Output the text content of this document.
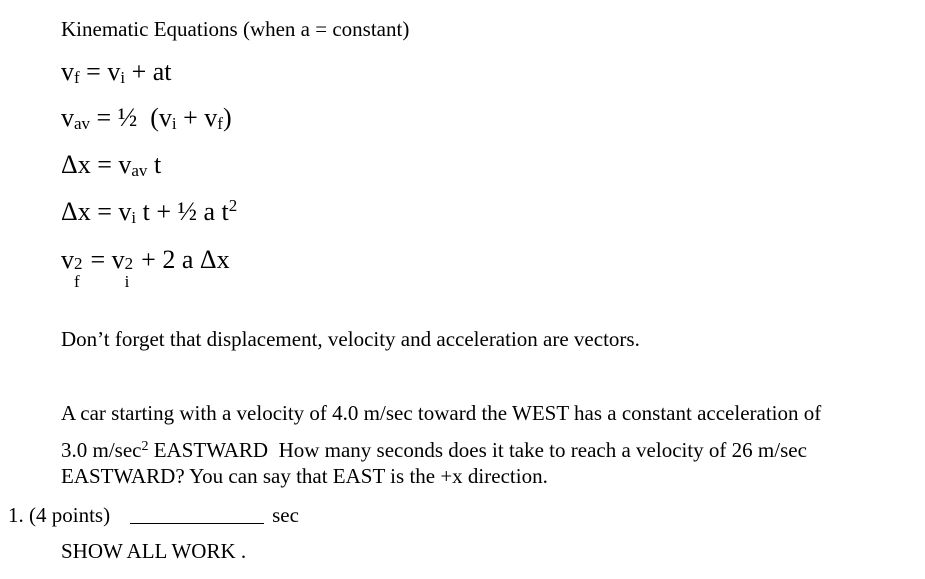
Kinematic Equations (when a = constant)
$v_f = v_i$ + at
$v_{av}$ = ½  $(v_i + v_f)$
$\Delta x = v_{av}$ t
$\Delta x = v_i$ t + ½ a $t^2$
v 2
f
= v 2
i
+ 2 a Δx
Don’t forget that displacement, velocity and acceleration are vectors.
A car starting with a velocity of 4.0 m/sec toward the WEST has a constant acceleration of
3.0 $m/\sec^2$ EASTWARD  How many seconds does it take to reach a velocity of 26 m/sec
EASTWARD? You can say that EAST is the +x direction.
1. (4 points)	sec
SHOW ALL WORK .
